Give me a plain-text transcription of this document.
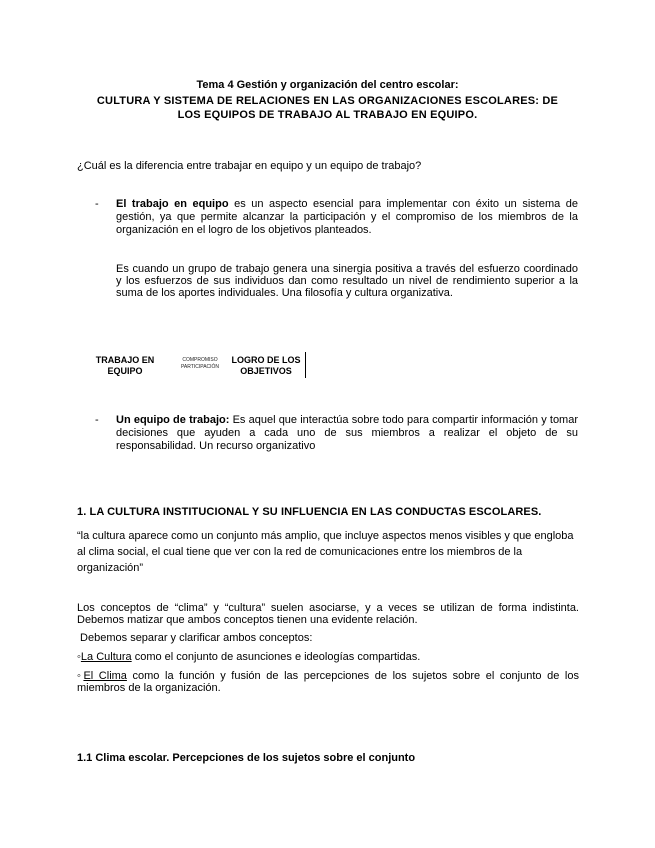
Tema 4 Gestión y organización del centro escolar:
CULTURA Y SISTEMA DE RELACIONES EN LAS ORGANIZACIONES ESCOLARES: DE
LOS EQUIPOS DE TRABAJO AL TRABAJO EN EQUIPO.
¿Cuál es la diferencia entre trabajar en equipo y un equipo de trabajo?
- El trabajo en equipo es un aspecto esencial para implementar con éxito un sistema de gestión, ya que permite alcanzar la participación y el compromiso de los miembros de la organización en el logro de los objetivos planteados.
Es cuando un grupo de trabajo genera una sinergia positiva a través del esfuerzo coordinado y los esfuerzos de sus individuos dan como resultado un nivel de rendimiento superior a la suma de los aportes individuales. Una filosofía y cultura organizativa.
TRABAJO EN
EQUIPO
COMPROMISO
PARTICIPACIÓN
LOGRO DE LOS
OBJETIVOS
- Un equipo de trabajo: Es aquel que interactúa sobre todo para compartir información y tomar decisiones que ayuden a cada uno de sus miembros a realizar el objeto de su responsabilidad. Un recurso organizativo
1. LA CULTURA INSTITUCIONAL Y SU INFLUENCIA EN LAS CONDUCTAS ESCOLARES.
“la cultura aparece como un conjunto más amplio, que incluye aspectos menos visibles y que engloba al clima social, el cual tiene que ver con la red de comunicaciones entre los miembros de la organización”
Los conceptos de “clima” y “cultura” suelen asociarse, y a veces se utilizan de forma indistinta. Debemos matizar que ambos conceptos tienen una evidente relación.
Debemos separar y clarificar ambos conceptos:
◦La Cultura como el conjunto de asunciones e ideologías compartidas.
◦El Clima como la función y fusión de las percepciones de los sujetos sobre el conjunto de los miembros de la organización.
1.1 Clima escolar. Percepciones de los sujetos sobre el conjunto
